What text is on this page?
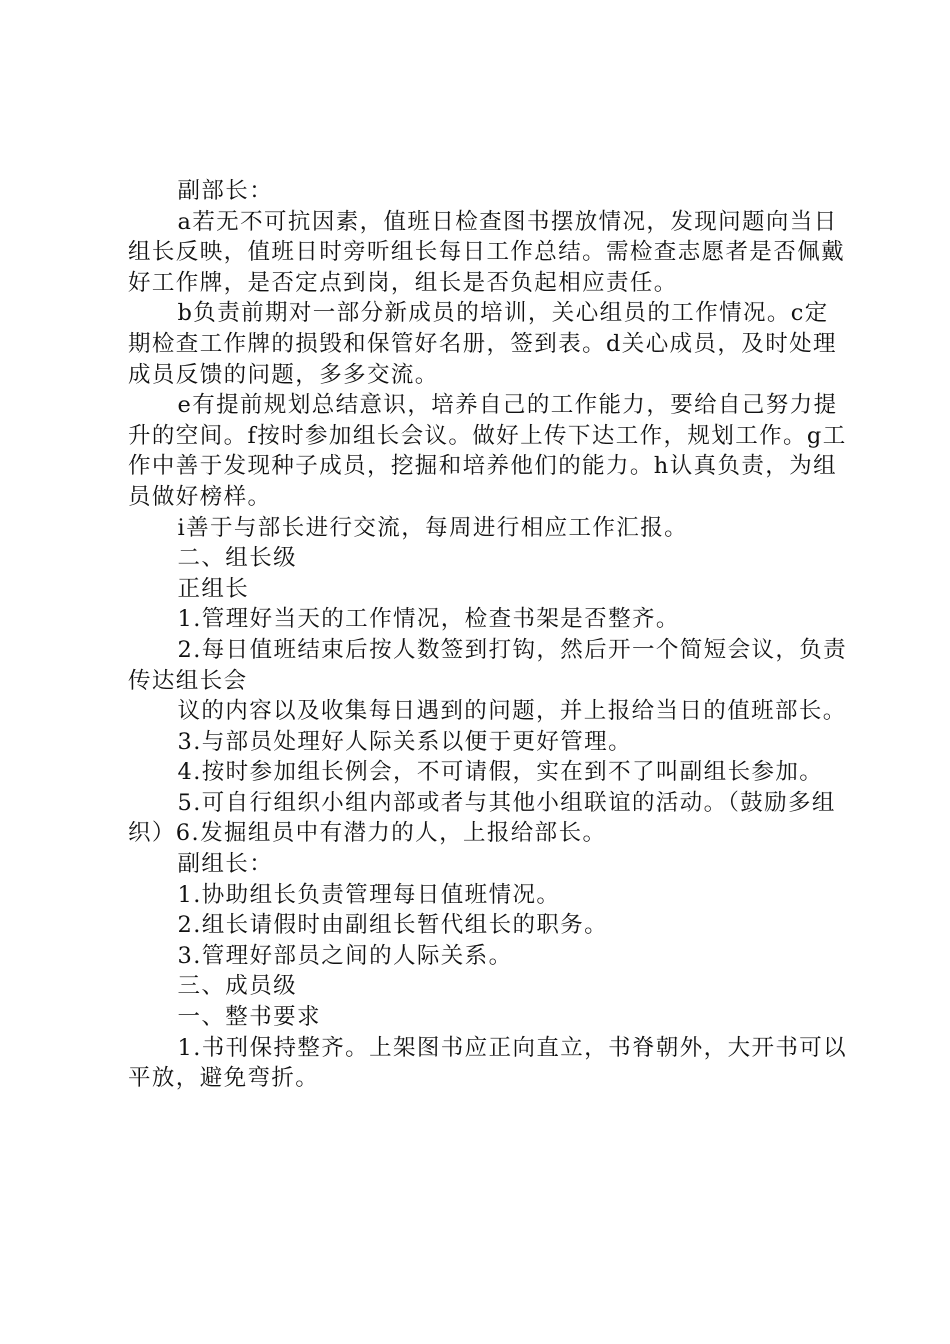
副部长：

a若无不可抗因素，值班日检查图书摆放情况，发现问题向当日组长反映，值班日时旁听组长每日工作总结。需检查志愿者是否佩戴好工作牌，是否定点到岗，组长是否负起相应责任。

b负责前期对一部分新成员的培训，关心组员的工作情况。c定期检查工作牌的损毁和保管好名册，签到表。d关心成员，及时处理成员反馈的问题，多多交流。

e有提前规划总结意识，培养自己的工作能力，要给自己努力提升的空间。f按时参加组长会议。做好上传下达工作，规划工作。g工作中善于发现种子成员，挖掘和培养他们的能力。h认真负责，为组员做好榜样。

i善于与部长进行交流，每周进行相应工作汇报。

二、组长级

正组长

1.管理好当天的工作情况，检查书架是否整齐。

2.每日值班结束后按人数签到打钩，然后开一个简短会议，负责传达组长会

议的内容以及收集每日遇到的问题，并上报给当日的值班部长。

3.与部员处理好人际关系以便于更好管理。

4.按时参加组长例会，不可请假，实在到不了叫副组长参加。

5.可自行组织小组内部或者与其他小组联谊的活动。（鼓励多组织）6.发掘组员中有潜力的人，上报给部长。

副组长：

1.协助组长负责管理每日值班情况。

2.组长请假时由副组长暂代组长的职务。

3.管理好部员之间的人际关系。

三、成员级

一、整书要求

1.书刊保持整齐。上架图书应正向直立，书脊朝外，大开书可以平放，避免弯折。
